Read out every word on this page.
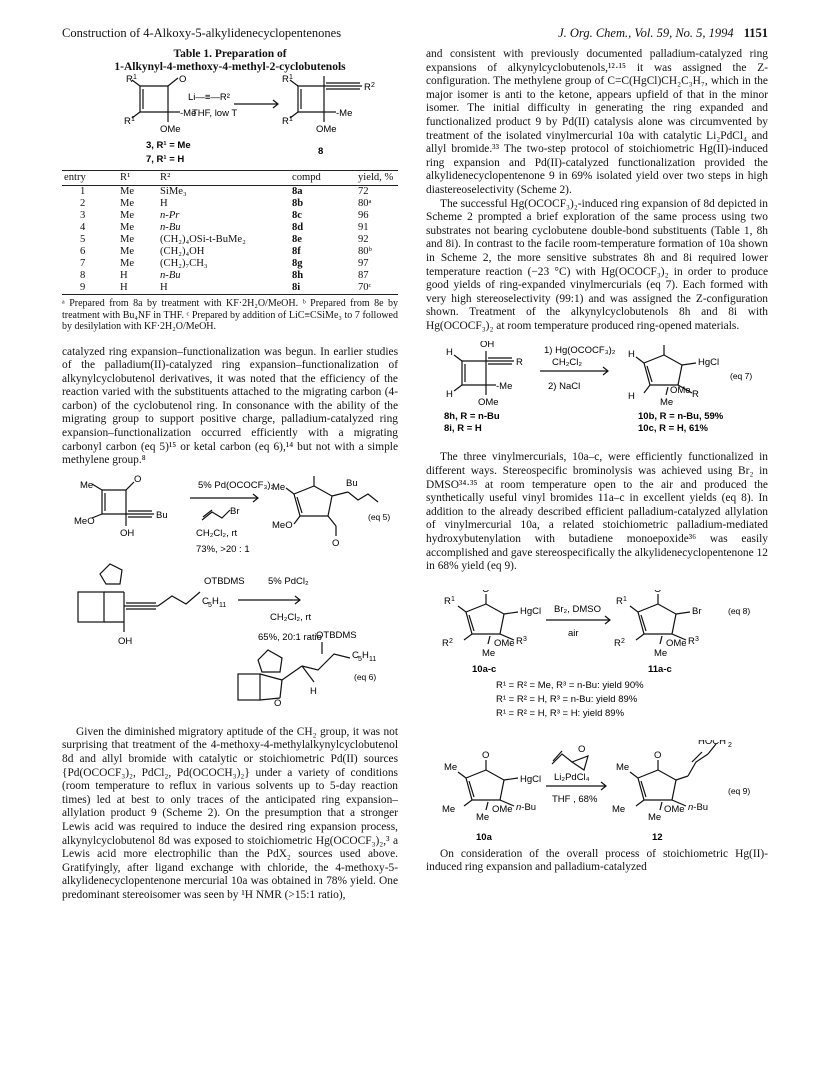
Construction of 4-Alkoxy-5-alkylidenecyclopentenones	J. Org. Chem., Vol. 59, No. 5, 1994 1151
Table 1. Preparation of
1-Alkynyl-4-methoxy-4-methyl-2-cyclobutenols
R 1	O
-Me
R 1
OMe
Li—≡—R²
THF, low T
R 1
R 2
-Me
R 1
OMe
3, R¹ = Me
7, R¹ = H
8
entry	R¹	R²	compd	yield, %
1	Me	SiMe₃	8a	72
2	Me	H	8b	80ᵃ
3	Me	n-Pr	8c	96
4	Me	n-Bu	8d	91
5	Me	(CH₂)₄OSi-t-BuMe₂	8e	92
6	Me	(CH₂)₄OH	8f	80ᵇ
7	Me	(CH₂)₇CH₃	8g	97
8	H	n-Bu	8h	87
9	H	H	8i	70ᶜ
ᵃ Prepared from 8a by treatment with KF·2H₂O/MeOH. ᵇ Prepared from 8e by treatment with Bu₄NF in THF. ᶜ Prepared by addition of LiC≡CSiMe₃ to 7 followed by desilylation with KF·2H₂O/MeOH.

catalyzed ring expansion–functionalization was begun. In earlier studies of the palladium(II)-catalyzed ring expansion–functionalization of alkynylcyclobutenol derivatives, it was noted that the efficiency of the reaction varied with the substituents attached to the migrating carbon (4-carbon) of the cyclobutenol ring. In consonance with the ability of the migrating group to support positive charge, palladium-catalyzed ring expansion–functionalization occurred efficiently with a migrating carbonyl carbon (eq 5)¹⁵ or ketal carbon (eq 6),¹⁴ but not with a simple methylene group.⁸

Me
O
MeO
Bu
OH
5% Pd(OCOCF₃)₂
Br
CH₂Cl₂, rt
73%, >20 : 1
Me
MeO
Bu
O
(eq 5)
OTBDMS 5% PdCl₂
C 5 H 11
CH₂Cl₂, rt
65%, 20:1 ratio
OH
OTBDMS
C 5 H 11
H
O
(eq 6)

Given the diminished migratory aptitude of the CH₂ group, it was not surprising that treatment of the 4-methoxy-4-methylalkynylcyclobutenol 8d and allyl bromide with catalytic or stoichiometric Pd(II) sources {Pd(OCOCF₃)₂, PdCl₂, Pd(OCOCH₃)₂} under a variety of conditions (room temperature to reflux in various solvents up to 5-day reaction times) led at best to only traces of the anticipated ring expansion–allylation product 9 (Scheme 2). On the presumption that a stronger Lewis acid was required to induce the desired ring expansion process, alkynylcyclobutenol 8d was exposed to stoichiometric Hg(OCOCF₃)₂,³ a Lewis acid more electrophilic than the PdX₂ sources used above. Gratifyingly, after ligand exchange with chloride, the 4-methoxy-5-alkylidenecyclopentenone mercurial 10a was obtained in 78% yield. One predominant stereoisomer was seen by ¹H NMR (>15:1 ratio),

and consistent with previously documented palladium-catalyzed ring expansions of alkynylcyclobutenols,¹²·¹⁵ it was assigned the Z-configuration. The methylene group of C=C(HgCl)CH₂C₃H₇, which in the major isomer is anti to the ketone, appears upfield of that in the minor isomer. The initial difficulty in generating the ring expanded and functionalized product 9 by Pd(II) catalysis alone was circumvented by treatment of the isolated vinylmercurial 10a with catalytic Li₂PdCl₄ and allyl bromide.³³ The two-step protocol of stoichiometric Hg(II)-induced ring expansion and Pd(II)-catalyzed functionalization provided the alkylidenecyclopentenone 9 in 69% isolated yield over two steps in high diastereoselectivity (Scheme 2).

The successful Hg(OCOCF₃)₂-induced ring expansion of 8d depicted in Scheme 2 prompted a brief exploration of the same process using two substrates not bearing cyclobutene double-bond substituents (Table 1, 8h and 8i). In contrast to the facile room-temperature formation of 10a shown in Scheme 2, the more sensitive substrates 8h and 8i required lower temperature reaction (−23 °C) with Hg(OCOCF₃)₂ in order to produce good yields of ring-expanded vinylmercurials (eq 7). Each formed with very high stereoselectivity (99:1) and was assigned the Z-configuration shown. Treatment of the alkynylcyclobutenols 8h and 8i with Hg(OCOCF₃)₂ at room temperature produced ring-opened materials.

H
OH
R
-Me
H
OMe
1) Hg(OCOCF₃)₂
CH₂Cl₂
2) NaCl
H
HgCl
R
H
OMe
Me
(eq 7)
8h, R = n-Bu
8i, R = H
10b, R = n-Bu, 59%
10c, R = H, 61%

The three vinylmercurials, 10a–c, were efficiently functionalized in different ways. Stereospecific brominolysis was achieved using Br₂ in DMSO³⁴·³⁵ at room temperature open to the air and produced the synthetically useful vinyl bromides 11a–c in excellent yields (eq 8). In addition to the already described efficient palladium-catalyzed allylation of vinylmercurial 10a, a related stoichiometric palladium-mediated hydroxybutenylation with butadiene monoepoxide³⁶ was easily accomplished and gave stereospecifically the alkylidenecyclopentenone 12 in 68% yield (eq 9).

R 1
HgCl
R 3
R 2	OMe
Me
Br₂, DMSO
air
R 1
Br
R 3
R 2	OMe
Me
(eq 8)
10a-c	11a-c
R¹ = R² = Me, R³ = n-Bu: yield 90%
R¹ = R² = H, R³ = n-Bu: yield 89%
R¹ = R² = H, R³ = H: yield 89%
Me
O
HgCl
n-Bu
Me	OMe
Me
O
Li₂PdCl₄
THF , 68%
Me
O
HOCH 2
n-Bu
Me	OMe
Me
(eq 9)
10a	12

On consideration of the overall process of stoichiometric Hg(II)-induced ring expansion and palladium-catalyzed
